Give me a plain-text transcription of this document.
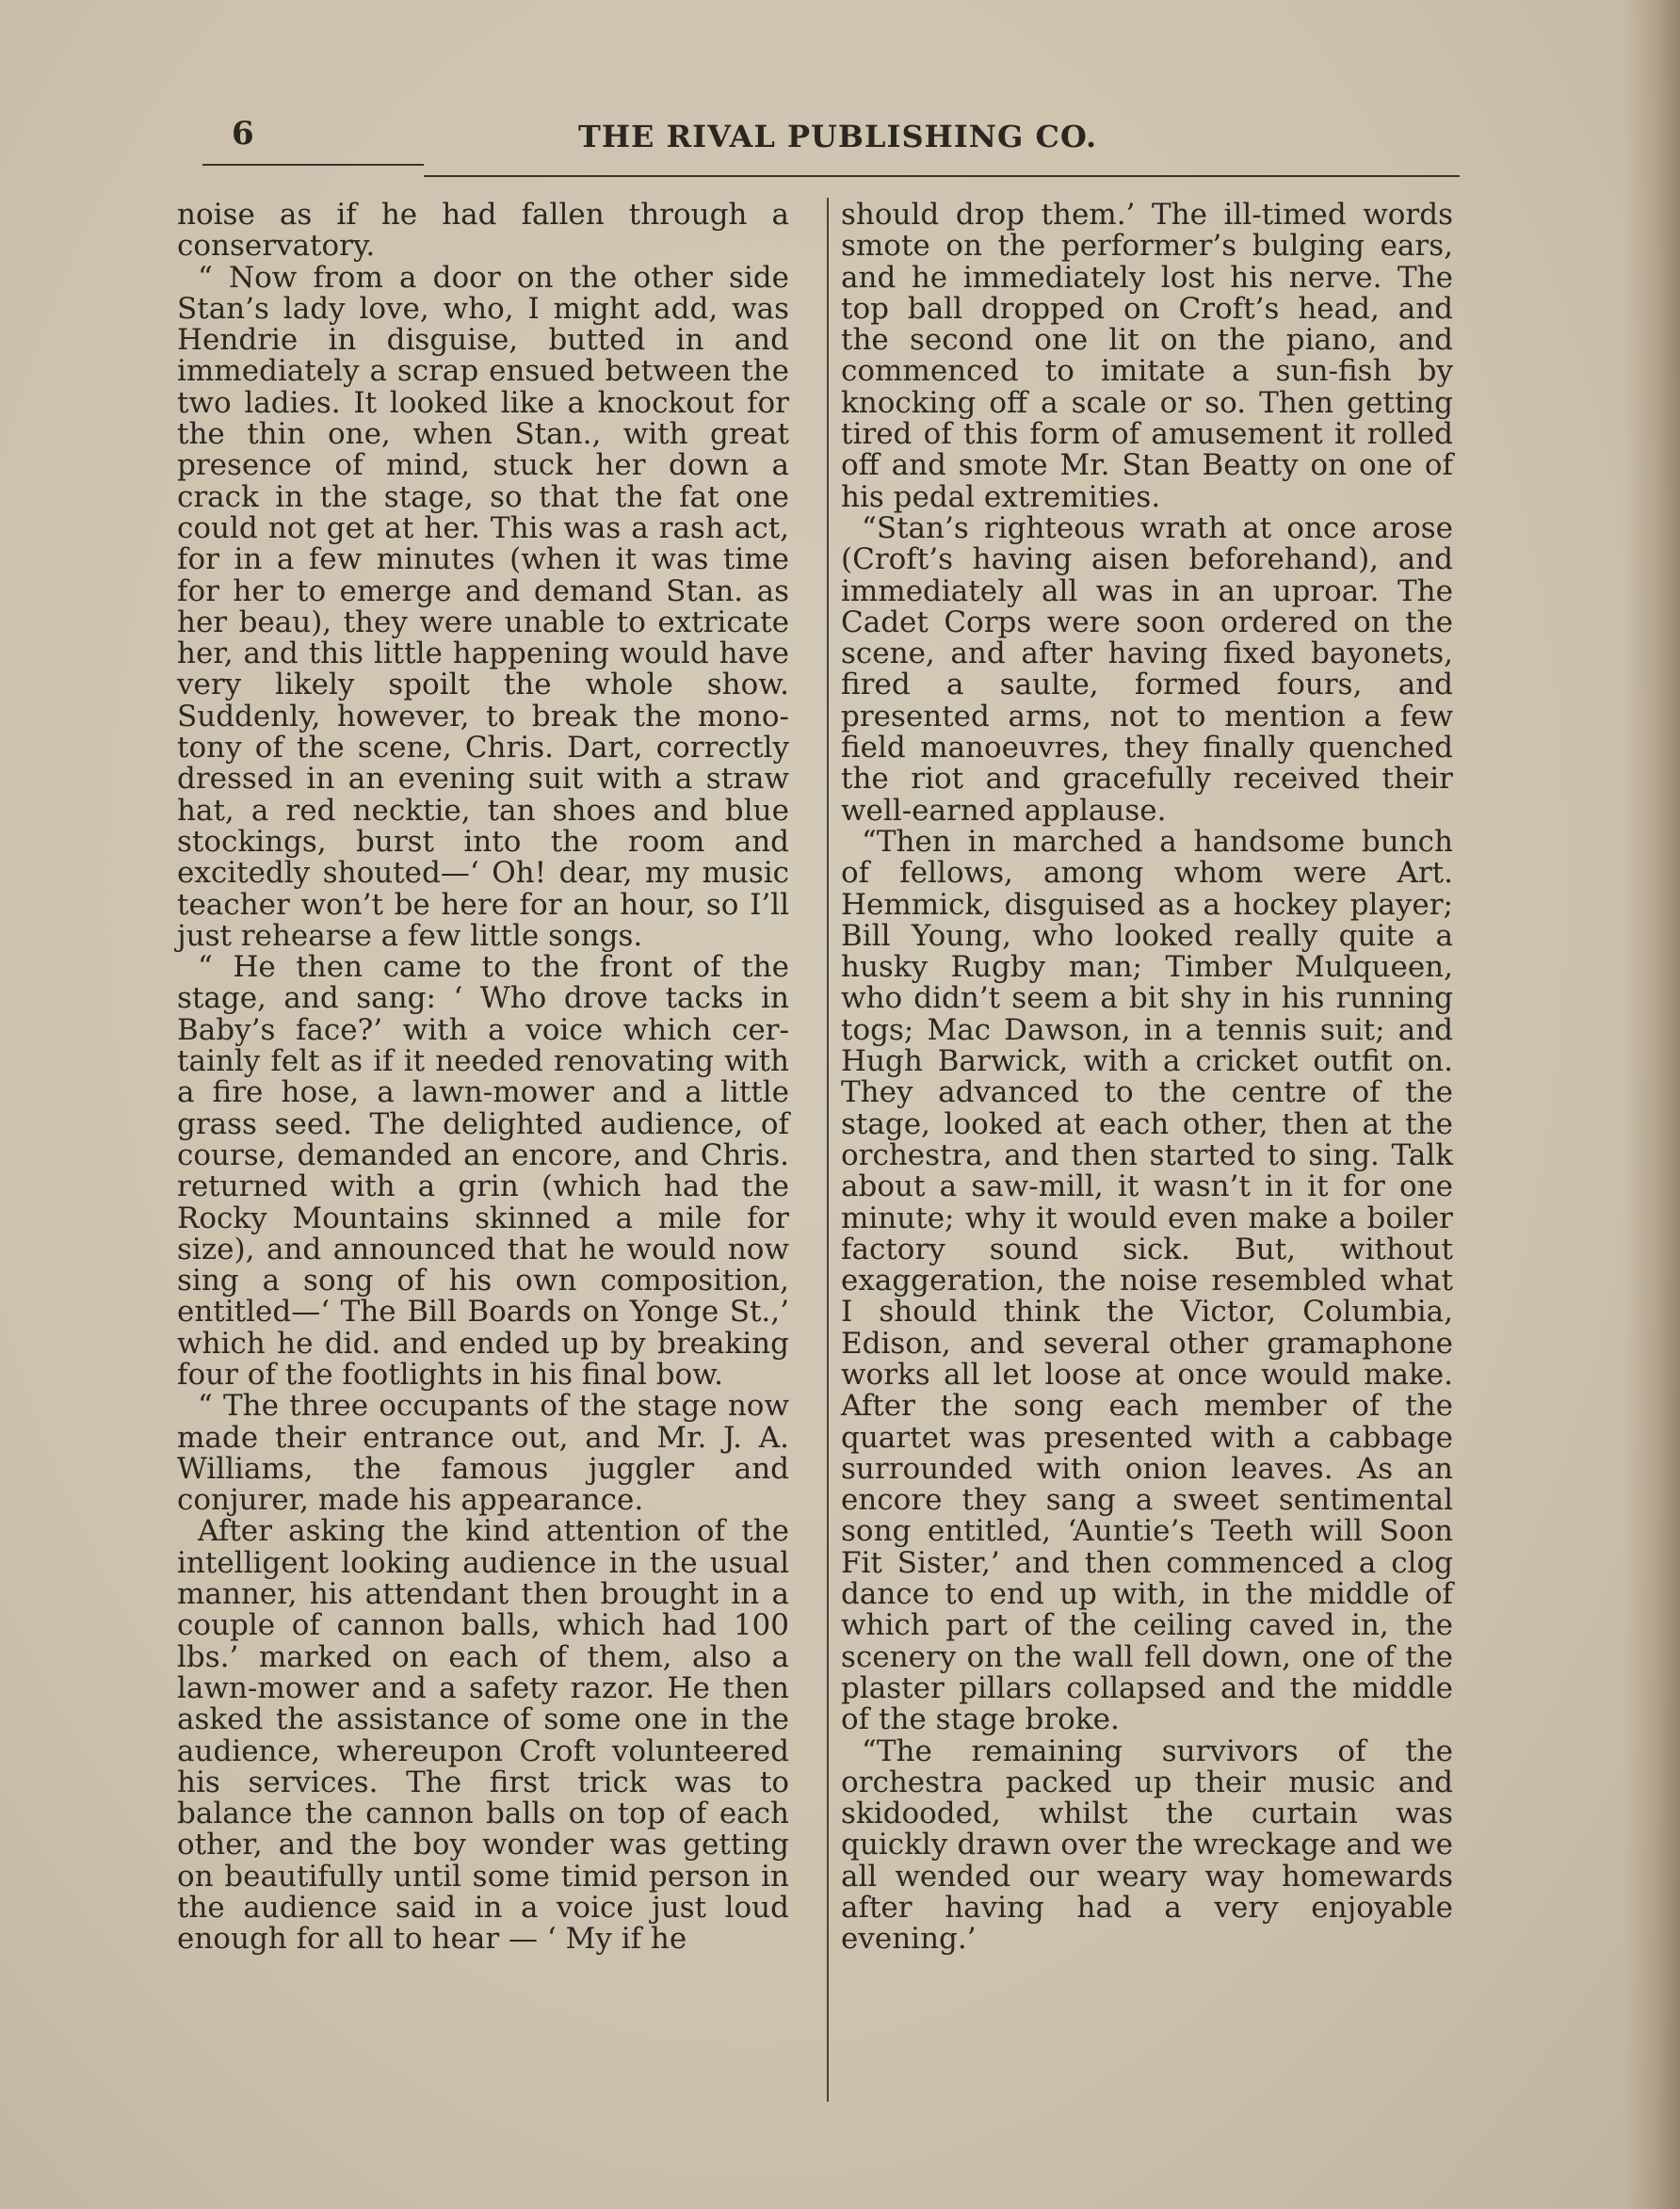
6	THE RIVAL PUBLISHING CO.

noise as if he had fallen through a conservatory.

“ Now from a door on the other side Stan’s lady love, who, I might add, was Hendrie in disguise, butted in and immediately a scrap ensued between the two ladies. It looked like a knockout for the thin one, when Stan., with great presence of mind, stuck her down a crack in the stage, so that the fat one could not get at her. This was a rash act, for in a few minutes (when it was time for her to emerge and demand Stan. as her beau), they were unable to extricate her, and this little happening would have very likely spoilt the whole show. Suddenly, however, to break the monotony of the scene, Chris. Dart, correctly dressed in an evening suit with a straw hat, a red necktie, tan shoes and blue stockings, burst into the room and excitedly shouted—‘ Oh! dear, my music teacher won’t be here for an hour, so I’ll just rehearse a few little songs.

“ He then came to the front of the stage, and sang: ‘ Who drove tacks in Baby’s face?’ with a voice which certainly felt as if it needed renovating with a fire hose, a lawn-mower and a little grass seed. The delighted audience, of course, demanded an encore, and Chris. returned with a grin (which had the Rocky Mountains skinned a mile for size), and announced that he would now sing a song of his own composition, entitled—‘ The Bill Boards on Yonge St.,’ which he did. and ended up by breaking four of the footlights in his final bow.

“ The three occupants of the stage now made their entrance out, and Mr. J. A. Williams, the famous juggler and conjurer, made his appearance.

After asking the kind attention of the intelligent looking audience in the usual manner, his attendant then brought in a couple of cannon balls, which had 100 lbs.’ marked on each of them, also a lawn-mower and a safety razor. He then asked the assistance of some one in the audience, whereupon Croft volunteered his services. The first trick was to balance the cannon balls on top of each other, and the boy wonder was getting on beautifully until some timid person in the audience said in a voice just loud enough for all to hear — ‘ My if he

should drop them.’ The ill-timed words smote on the performer’s bulging ears, and he immediately lost his nerve. The top ball dropped on Croft’s head, and the second one lit on the piano, and commenced to imitate a sun-fish by knocking off a scale or so. Then getting tired of this form of amusement it rolled off and smote Mr. Stan Beatty on one of his pedal extremities.

“Stan’s righteous wrath at once arose (Croft’s having aisen beforehand), and immediately all was in an uproar. The Cadet Corps were soon ordered on the scene, and after having fixed bayonets, fired a saulte, formed fours, and presented arms, not to mention a few field manoeuvres, they finally quenched the riot and gracefully received their well-earned applause.

“Then in marched a handsome bunch of fellows, among whom were Art. Hemmick, disguised as a hockey player; Bill Young, who looked really quite a husky Rugby man; Timber Mulqueen, who didn’t seem a bit shy in his running togs; Mac Dawson, in a tennis suit; and Hugh Barwick, with a cricket outfit on. They advanced to the centre of the stage, looked at each other, then at the orchestra, and then started to sing. Talk about a saw-mill, it wasn’t in it for one minute; why it would even make a boiler factory sound sick. But, without exaggeration, the noise resembled what I should think the Victor, Columbia, Edison, and several other gramaphone works all let loose at once would make. After the song each member of the quartet was presented with a cabbage surrounded with onion leaves. As an encore they sang a sweet sentimental song entitled, ‘Auntie’s Teeth will Soon Fit Sister,’ and then commenced a clog dance to end up with, in the middle of which part of the ceiling caved in, the scenery on the wall fell down, one of the plaster pillars collapsed and the middle of the stage broke.

“The remaining survivors of the orchestra packed up their music and skidooded, whilst the curtain was quickly drawn over the wreckage and we all wended our weary way homewards after having had a very enjoyable evening.’
